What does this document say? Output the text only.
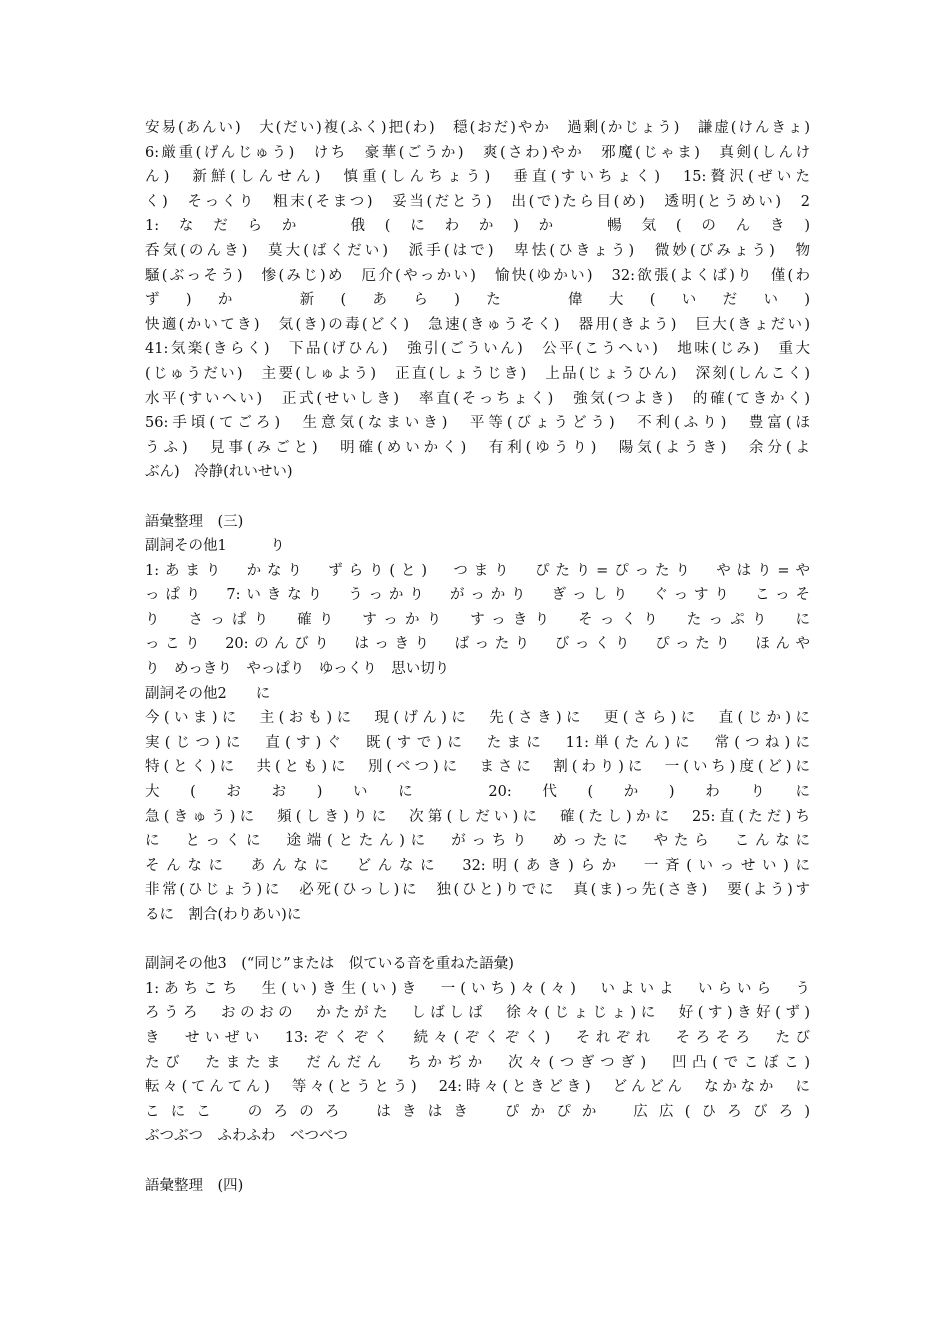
安易(あんい)　大(だい)複(ふく)把(わ)　穏(おだ)やか　過剰(かじょう)　謙虚(けんきょ)
6:厳重(げんじゅう)　けち　豪華(ごうか)　爽(さわ)やか　邪魔(じゃま)　真剣(しんけ
ん)　新鮮(しんせん)　慎重(しんちょう)　垂直(すいちょく)　15:贅沢(ぜいた
く)　そっくり　粗末(そまつ)　妥当(だとう)　出(で)たら目(め)　透明(とうめい)　2
1:なだらか　俄(にわか)か　暢気(のんき)
呑気(のんき)　莫大(ばくだい)　派手(はで)　卑怯(ひきょう)　微妙(びみょう)　物
騒(ぶっそう)　惨(みじ)め　厄介(やっかい)　愉快(ゆかい)　32:欲張(よくば)り　僅(わ
ず)か　新(あら)た　偉大(いだい)
快適(かいてき)　気(き)の毒(どく)　急速(きゅうそく)　器用(きよう)　巨大(きょだい)
41:気楽(きらく)　下品(げひん)　強引(ごういん)　公平(こうへい)　地味(じみ)　重大
(じゅうだい)　主要(しゅよう)　正直(しょうじき)　上品(じょうひん)　深刻(しんこく)
水平(すいへい)　正式(せいしき)　率直(そっちょく)　強気(つよき)　的確(てきかく)
56:手頃(てごろ)　生意気(なまいき)　平等(びょうどう)　不利(ふり)　豊富(ほ
うふ)　見事(みごと)　明確(めいかく)　有利(ゆうり)　陽気(ようき)　余分(よ
ぶん)　冷静(れいせい)
語彙整理　(三)
副詞その他1　　　り
1:あまり　かなり　ずらり(と)　つまり　ぴたり=ぴったり　やはり=や
っぱり　7:いきなり　うっかり　がっかり　ぎっしり　ぐっすり　こっそ
り　さっぱり　確り　すっかり　すっきり　そっくり　たっぷり　に
っこり　20:のんびり　はっきり　ばったり　びっくり　ぴったり　ほんや
り　めっきり　やっぱり　ゆっくり　思い切り
副詞その他2　　に
今(いま)に　主(おも)に　現(げん)に　先(さき)に　更(さら)に　直(じか)に
実(じつ)に　直(す)ぐ　既(すで)に　たまに　11:単(たん)に　常(つね)に
特(とく)に　共(とも)に　別(べつ)に　まさに　割(わり)に　一(いち)度(ど)に
大(おお)いに　20:代(か)わりに
急(きゅう)に　頻(しき)りに　次第(しだい)に　確(たし)かに　25:直(ただ)ち
に　とっくに　途端(とたん)に　がっちり　めったに　やたら　こんなに
そんなに　あんなに　どんなに　32:明(あき)らか　一斉(いっせい)に
非常(ひじょう)に　必死(ひっし)に　独(ひと)りでに　真(ま)っ先(さき)　要(よう)す
るに　割合(わりあい)に
副詞その他3　(“同じ”または　似ている音を重ねた語彙)
1:あちこち　生(い)き生(い)き　一(いち)々(々)　いよいよ　いらいら　う
ろうろ　おのおの　かたがた　しばしば　徐々(じょじょ)に　好(す)き好(ず)
き　せいぜい　13:ぞくぞく　続々(ぞくぞく)　それぞれ　そろそろ　たび
たび　たまたま　だんだん　ちかぢか　次々(つぎつぎ)　凹凸(でこぼこ)
転々(てんてん)　等々(とうとう)　24:時々(ときどき)　どんどん　なかなか　に
こにこ　のろのろ　はきはき　ぴかぴか　広広(ひろびろ)
ぶつぶつ　ふわふわ　べつべつ
語彙整理　(四)
